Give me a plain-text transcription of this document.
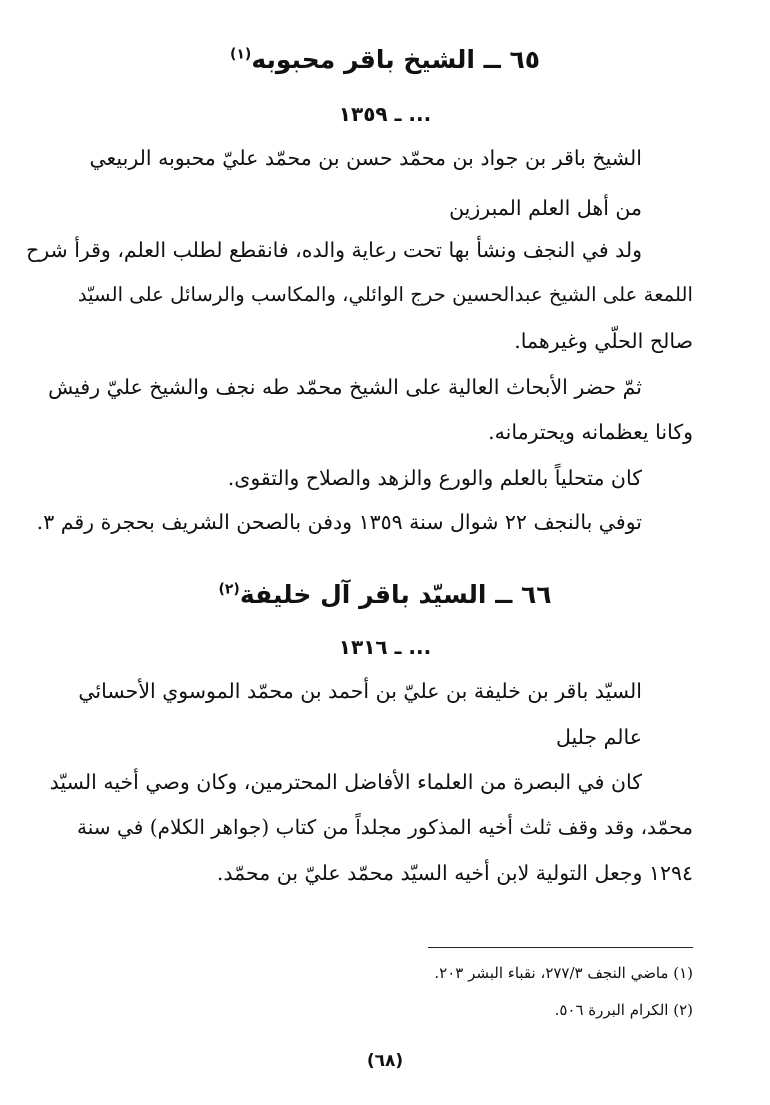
٦٥ ــ الشيخ باقر محبوبه$^{(١)}$

... ـ ١٣٥٩

الشيخ باقر بن جواد بن محمّد حسن بن محمّد عليّ محبوبه الربيعي

من أهل العلم المبرزين

ولد في النجف ونشأ بها تحت رعاية والده، فانقطع لطلب العلم، وقرأ شرح

اللمعة على الشيخ عبدالحسين حرج الوائلي، والمكاسب والرسائل على السيّد

صالح الحلّي وغيرهما.

ثمّ حضر الأبحاث العالية على الشيخ محمّد طه نجف والشيخ عليّ رفيش

وكانا يعظمانه ويحترمانه.

كان متحلياً بالعلم والورع والزهد والصلاح والتقوى.

توفي بالنجف ٢٢ شوال سنة ١٣٥٩ ودفن بالصحن الشريف بحجرة رقم ٣.

٦٦ ــ السيّد باقر آل خليفة$^{(٢)}$

... ـ ١٣١٦

السيّد باقر بن خليفة بن عليّ بن أحمد بن محمّد الموسوي الأحسائي

عالم جليل

كان في البصرة من العلماء الأفاضل المحترمين، وكان وصي أخيه السيّد

محمّد، وقد وقف ثلث أخيه المذكور مجلداً من كتاب (جواهر الكلام) في سنة

١٢٩٤ وجعل التولية لابن أخيه السيّد محمّد عليّ بن محمّد.

(١) ماضي النجف ٢٧٧/٣، نقباء البشر ٢٠٣.

(٢) الكرام البررة ٥٠٦.

(٦٨)
